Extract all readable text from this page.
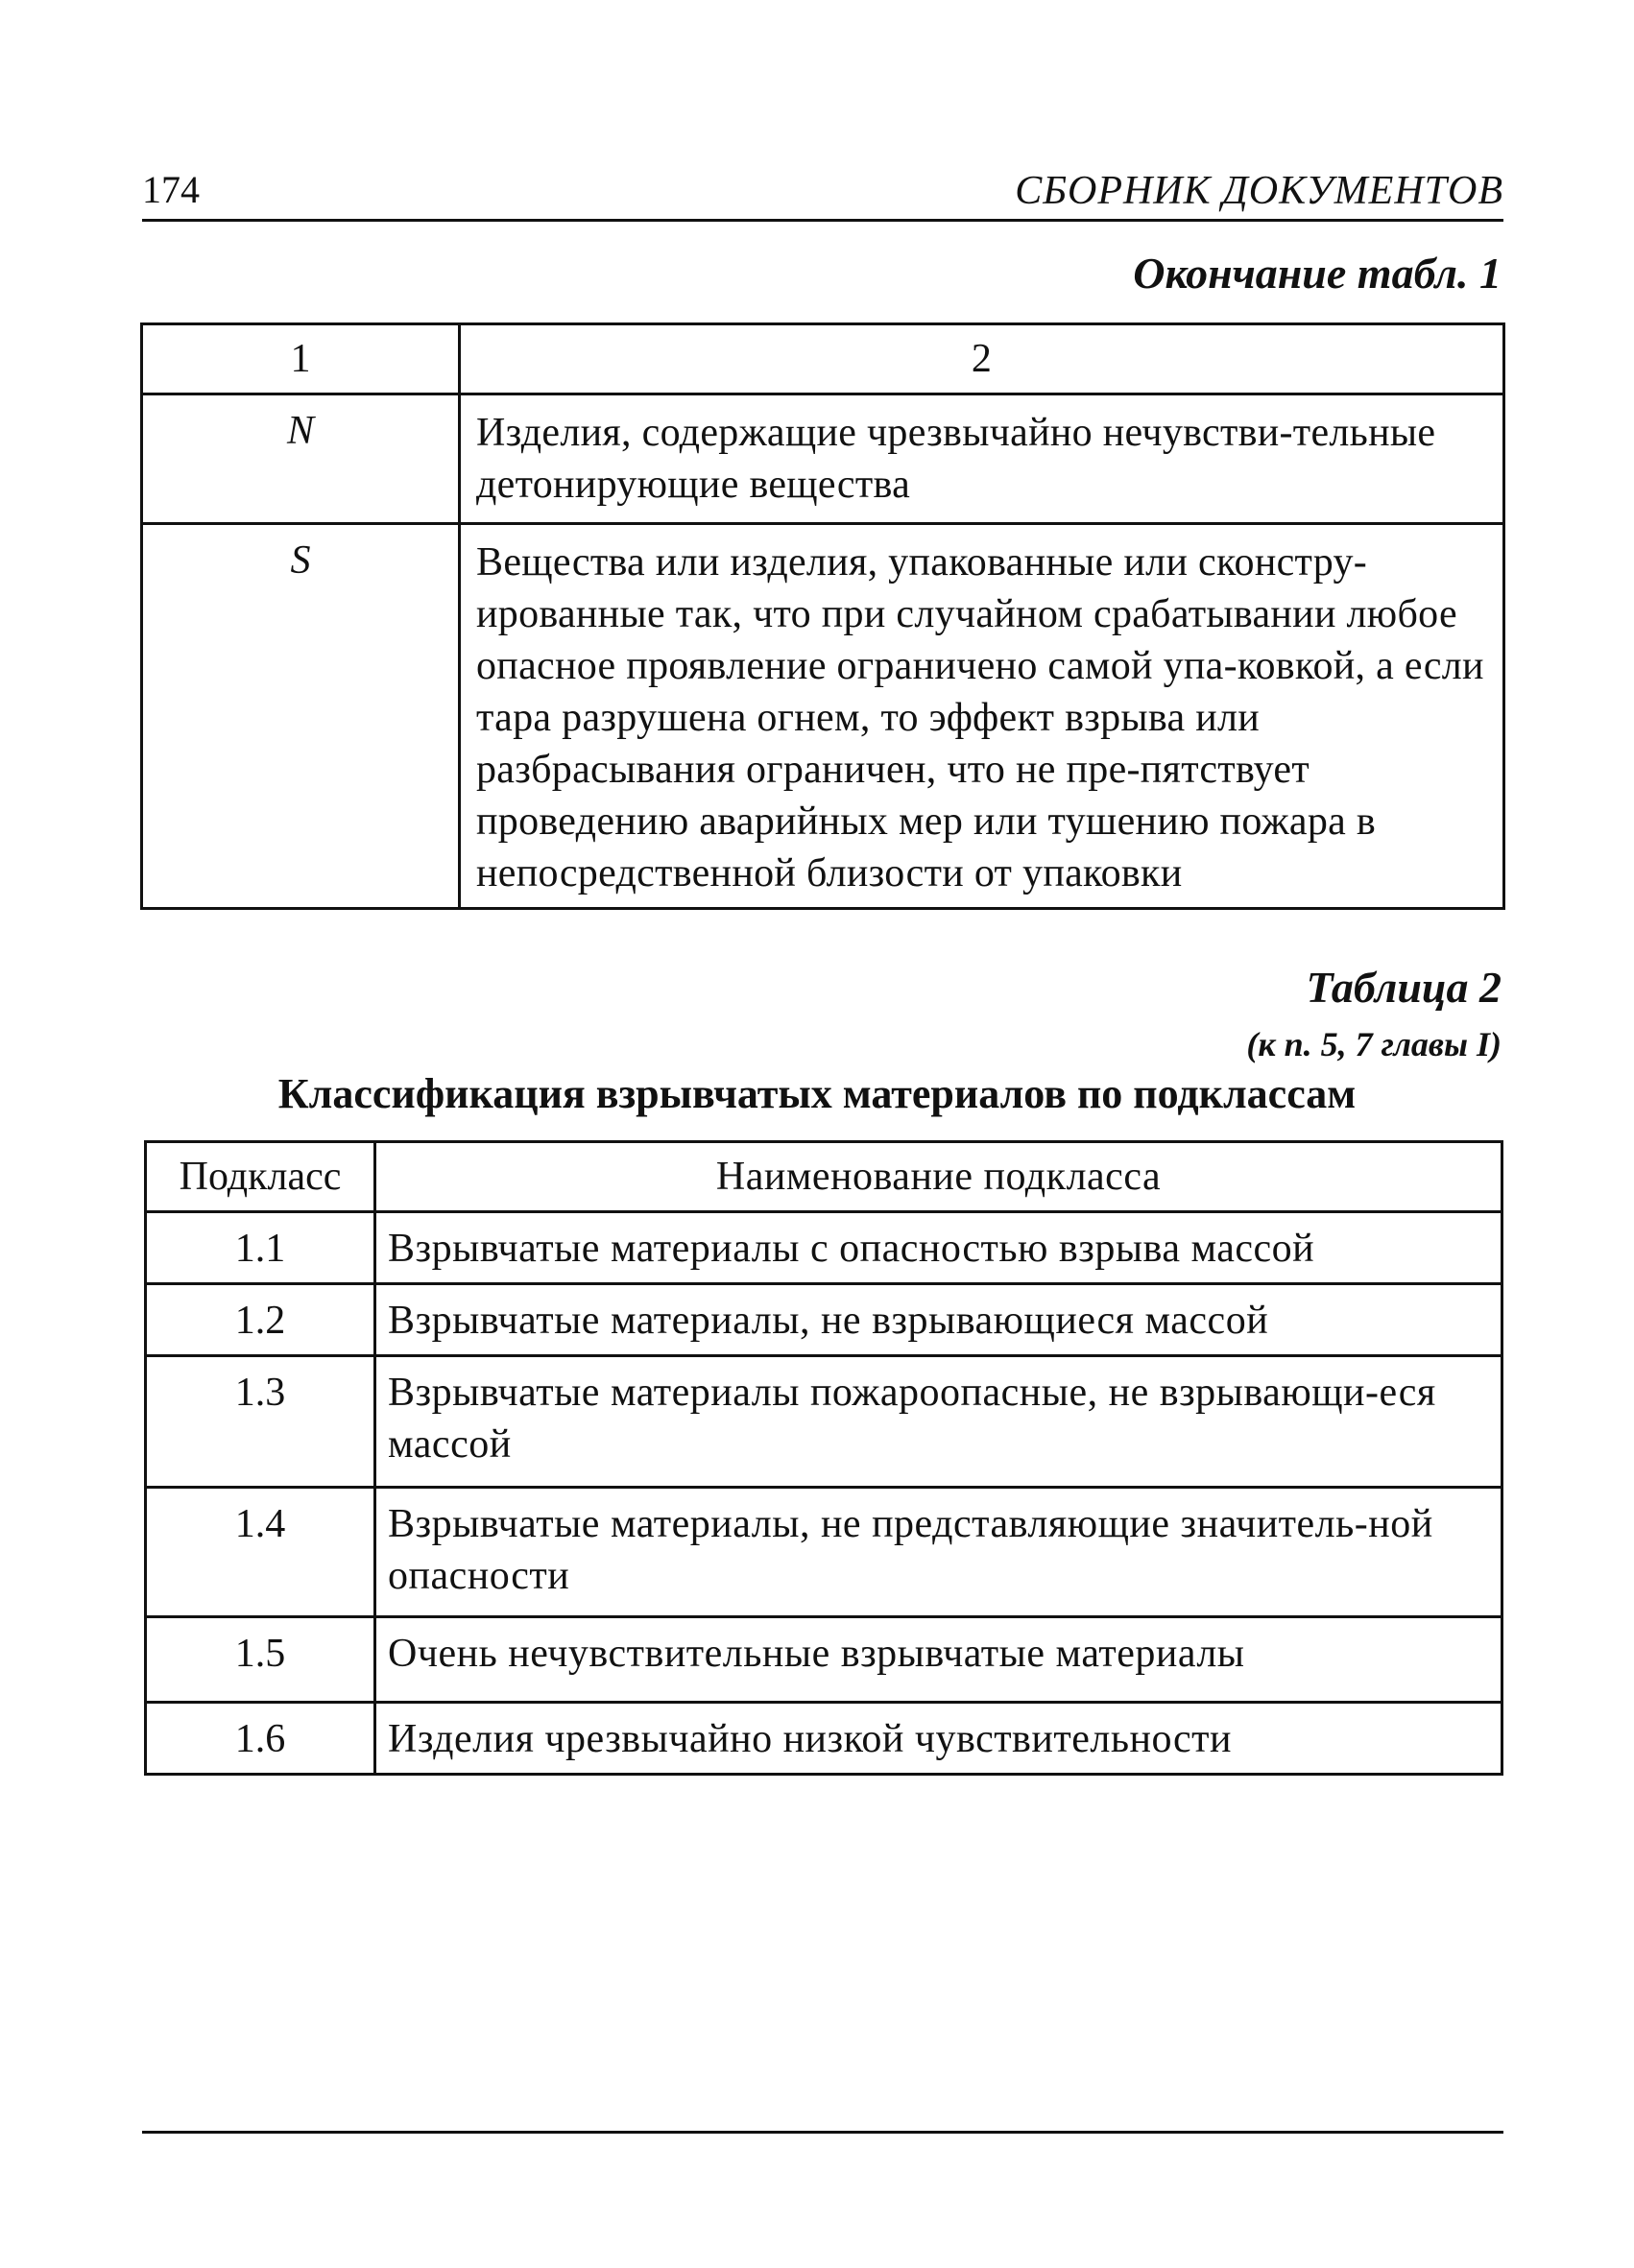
174	СБОРНИК ДОКУМЕНТОВ
Окончание табл. 1
1	2
N	Изделия, содержащие чрезвычайно нечувстви-тельные детонирующие вещества
S	Вещества или изделия, упакованные или сконстру-ированные так, что при случайном срабатывании любое опасное проявление ограничено самой упа-ковкой, а если тара разрушена огнем, то эффект взрыва или разбрасывания ограничен, что не пре-пятствует проведению аварийных мер или тушению пожара в непосредственной близости от упаковки
Таблица 2
(к п. 5, 7 главы I)
Классификация взрывчатых материалов по подклассам
Подкласс	Наименование подкласса
1.1	Взрывчатые материалы с опасностью взрыва массой
1.2	Взрывчатые материалы, не взрывающиеся массой
1.3	Взрывчатые материалы пожароопасные, не взрывающи-еся массой
1.4	Взрывчатые материалы, не представляющие значитель-ной опасности
1.5	Очень нечувствительные взрывчатые материалы
1.6	Изделия чрезвычайно низкой чувствительности
